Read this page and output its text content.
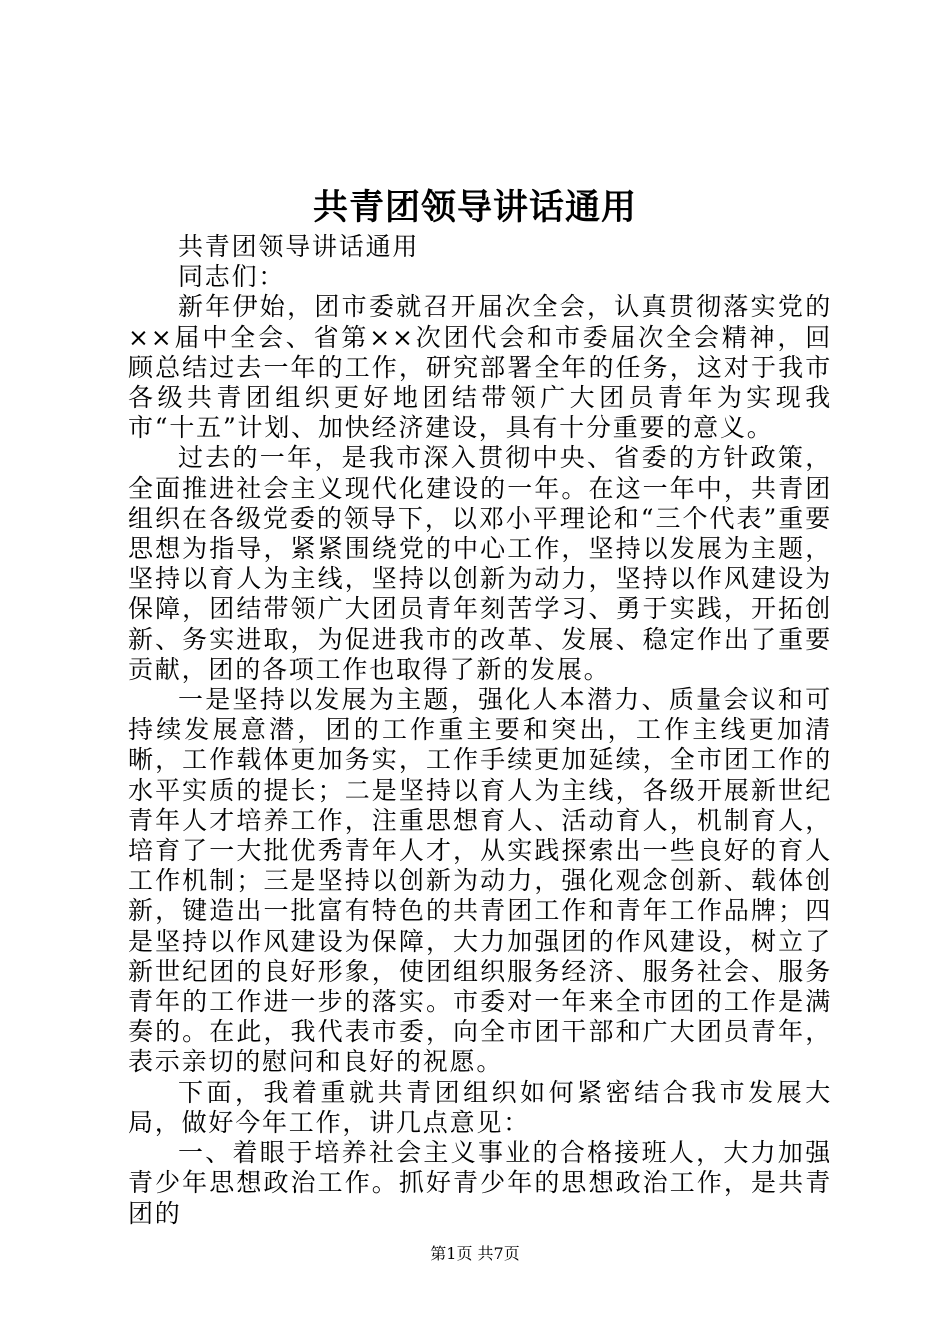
共青团领导讲话通用

共青团领导讲话通用

同志们：

新年伊始，团市委就召开届次全会，认真贯彻落实党的××届中全会、省第××次团代会和市委届次全会精神，回顾总结过去一年的工作，研究部署全年的任务，这对于我市各级共青团组织更好地团结带领广大团员青年为实现我市“十五”计划、加快经济建设，具有十分重要的意义。

过去的一年，是我市深入贯彻中央、省委的方针政策，全面推进社会主义现代化建设的一年。在这一年中，共青团组织在各级党委的领导下，以邓小平理论和“三个代表”重要思想为指导，紧紧围绕党的中心工作，坚持以发展为主题，坚持以育人为主线，坚持以创新为动力，坚持以作风建设为保障，团结带领广大团员青年刻苦学习、勇于实践，开拓创新、务实进取，为促进我市的改革、发展、稳定作出了重要贡献，团的各项工作也取得了新的发展。

一是坚持以发展为主题，强化人本潜力、质量会议和可持续发展意潜，团的工作重主要和突出，工作主线更加清晰，工作载体更加务实，工作手续更加延续，全市团工作的水平实质的提长；二是坚持以育人为主线，各级开展新世纪青年人才培养工作，注重思想育人、活动育人，机制育人，培育了一大批优秀青年人才，从实践探索出一些良好的育人工作机制；三是坚持以创新为动力，强化观念创新、载体创新，键造出一批富有特色的共青团工作和青年工作品牌；四是坚持以作风建设为保障，大力加强团的作风建设，树立了新世纪团的良好形象，使团组织服务经济、服务社会、服务青年的工作进一步的落实。市委对一年来全市团的工作是满奏的。在此，我代表市委，向全市团干部和广大团员青年，表示亲切的慰问和良好的祝愿。

下面，我着重就共青团组织如何紧密结合我市发展大局，做好今年工作，讲几点意见：

一、着眼于培养社会主义事业的合格接班人，大力加强青少年思想政治工作。抓好青少年的思想政治工作，是共青团的

第1页 共7页
